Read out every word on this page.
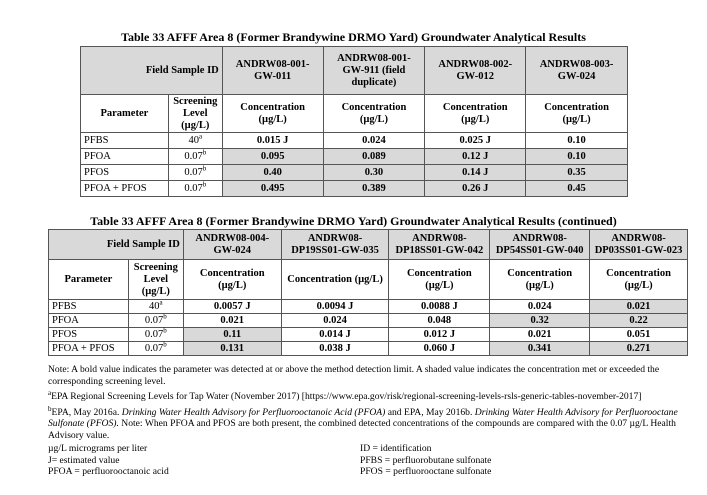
Table 33 AFFF Area 8 (Former Brandywine DRMO Yard) Groundwater Analytical Results
Field Sample ID		ANDRW08-001-GW-011	ANDRW08-001-GW-911 (field duplicate)	ANDRW08-002-GW-012	ANDRW08-003-GW-024
Parameter	Screening Level (µg/L)	Concentration (µg/L)	Concentration (µg/L)	Concentration (µg/L)	Concentration (µg/L)
PFBS	40$^a$	0.015 J	0.024	0.025 J	0.10
PFOA	0.07$^b$	0.095	0.089	0.12 J	0.10
PFOS	0.07$^b$	0.40	0.30	0.14 J	0.35
PFOA + PFOS	0.07$^b$	0.495	0.389	0.26 J	0.45
Table 33 AFFF Area 8 (Former Brandywine DRMO Yard) Groundwater Analytical Results (continued)
Field Sample ID		ANDRW08-004-GW-024	ANDRW08-DP19SS01-GW-035	ANDRW08-DP18SS01-GW-042	ANDRW08-DP54SS01-GW-040	ANDRW08-DP03SS01-GW-023
Parameter	Screening Level (µg/L)	Concentration (µg/L)	Concentration (µg/L)	Concentration (µg/L)	Concentration (µg/L)	Concentration (µg/L)
PFBS	40$^a$	0.0057 J	0.0094 J	0.0088 J	0.024	0.021
PFOA	0.07$^b$	0.021	0.024	0.048	0.32	0.22
PFOS	0.07$^b$	0.11	0.014 J	0.012 J	0.021	0.051
PFOA + PFOS	0.07$^b$	0.131	0.038 J	0.060 J	0.341	0.271

Note: A bold value indicates the parameter was detected at or above the method detection limit. A shaded value indicates the concentration met or exceeded the corresponding screening level.

$^a$EPA Regional Screening Levels for Tap Water (November 2017) [https://www.epa.gov/risk/regional-screening-levels-rsls-generic-tables-november-2017]

$^b$EPA, May 2016a. Drinking Water Health Advisory for Perfluorooctanoic Acid (PFOA) and EPA, May 2016b. Drinking Water Health Advisory for Perfluorooctane Sulfonate (PFOS). Note: When PFOA and PFOS are both present, the combined detected concentrations of the compounds are compared with the 0.07 µg/L Health Advisory value.

µg/L micrograms per liter
J= estimated value
PFOA = perfluorooctanoic acid
ID = identification
PFBS = perfluorobutane sulfonate
PFOS = perfluorooctane sulfonate
